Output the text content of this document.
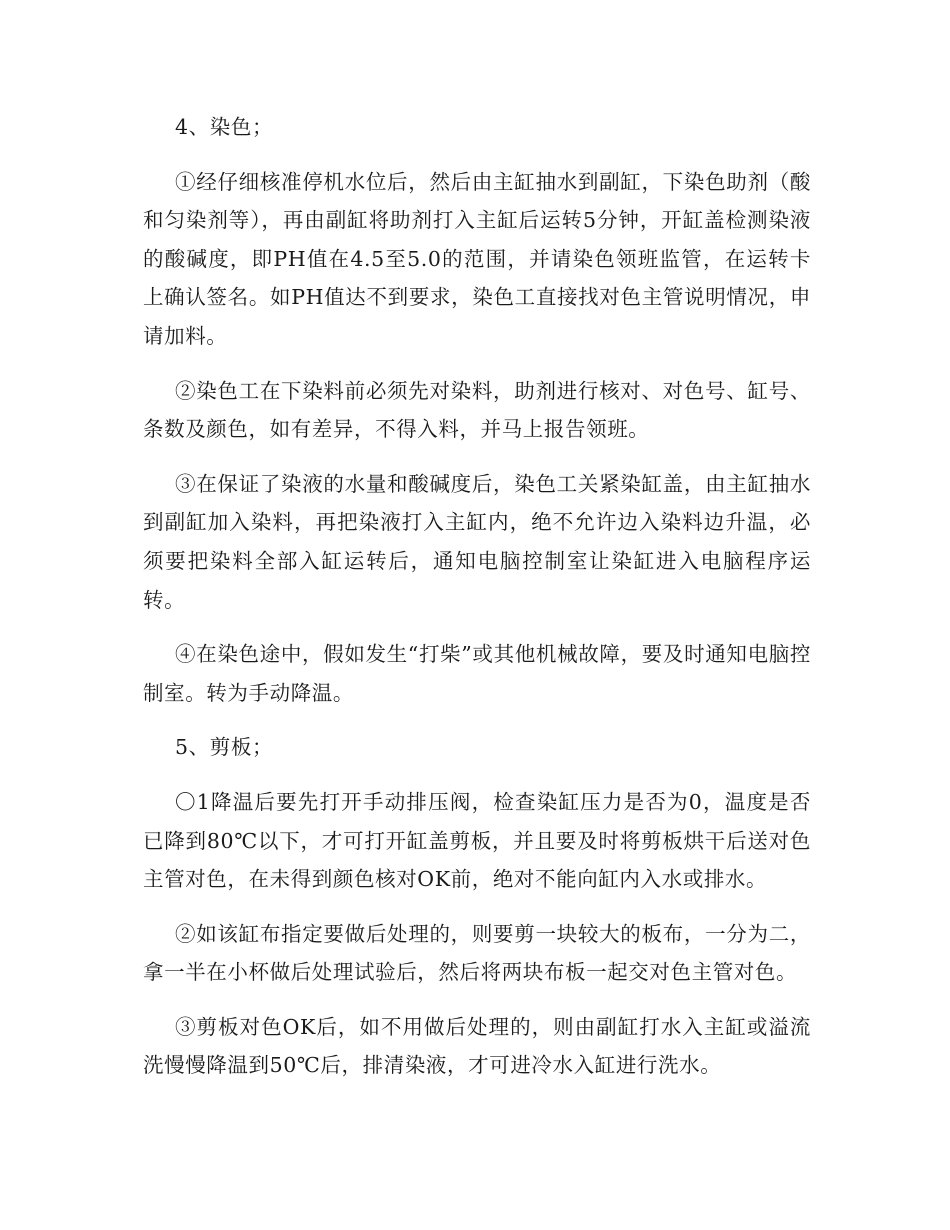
4、染色；

①经仔细核准停机水位后，然后由主缸抽水到副缸，下染色助剂（酸和匀染剂等），再由副缸将助剂打入主缸后运转5分钟，开缸盖检测染液的酸碱度，即PH值在4.5至5.0的范围，并请染色领班监管，在运转卡上确认签名。如PH值达不到要求，染色工直接找对色主管说明情况，申请加料。

②染色工在下染料前必须先对染料，助剂进行核对、对色号、缸号、条数及颜色，如有差异，不得入料，并马上报告领班。

③在保证了染液的水量和酸碱度后，染色工关紧染缸盖，由主缸抽水到副缸加入染料，再把染液打入主缸内，绝不允许边入染料边升温，必须要把染料全部入缸运转后，通知电脑控制室让染缸进入电脑程序运转。

④在染色途中，假如发生“打柴”或其他机械故障，要及时通知电脑控制室。转为手动降温。

5、剪板；

〇1降温后要先打开手动排压阀，检查染缸压力是否为0，温度是否已降到80℃以下，才可打开缸盖剪板，并且要及时将剪板烘干后送对色主管对色，在未得到颜色核对OK前，绝对不能向缸内入水或排水。

②如该缸布指定要做后处理的，则要剪一块较大的板布，一分为二，拿一半在小杯做后处理试验后，然后将两块布板一起交对色主管对色。

③剪板对色OK后，如不用做后处理的，则由副缸打水入主缸或溢流洗慢慢降温到50℃后，排清染液，才可进冷水入缸进行洗水。
